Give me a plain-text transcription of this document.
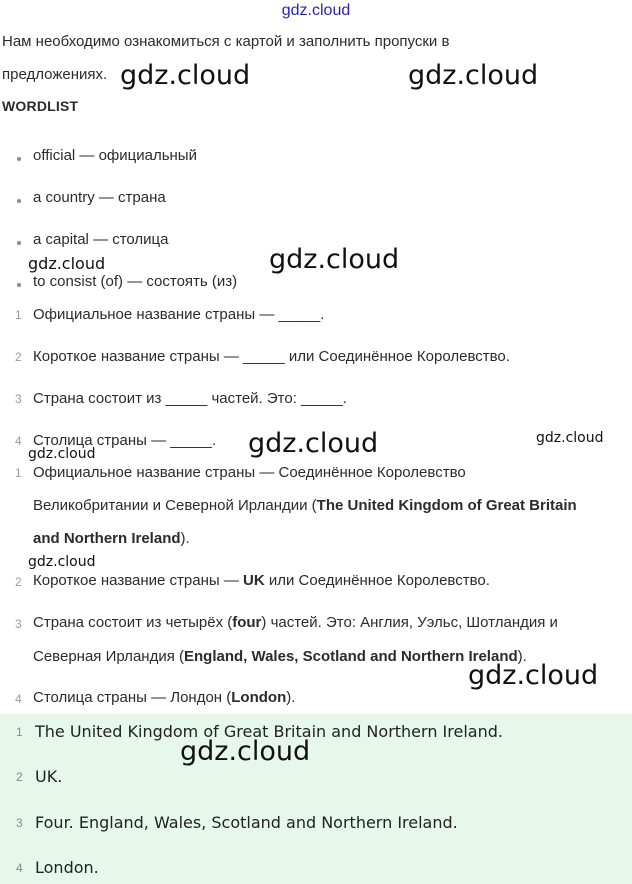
gdz.cloud
Нам необходимо ознакомиться с картой и заполнить пропуски в
предложениях.
WORDLIST
official — официальный
a country — страна
a capital — столица
to consist (of) — состоять (из)
1 Официальное название страны — _____.
2 Короткое название страны — _____ или Соединённое Королевство.
3 Страна состоит из _____ частей. Это: _____.
4 Столица страны — _____.
1 Официальное название страны — Соединённое Королевство
Великобритании и Северной Ирландии (The United Kingdom of Great Britain
and Northern Ireland).
2 Короткое название страны — UK или Соединённое Королевство.
3 Страна состоит из четырёх (four) частей. Это: Англия, Уэльс, Шотландия и
Северная Ирландия (England, Wales, Scotland and Northern Ireland).
4 Столица страны — Лондон (London).
1 The United Kingdom of Great Britain and Northern Ireland.
2 UK.
3 Four. England, Wales, Scotland and Northern Ireland.
4 London.
gdz.cloud	gdz.cloud
gdz.cloud	gdz.cloud
gdz.cloud	gdz.cloud
gdz.cloud
gdz.cloud
gdz.cloud
gdz.cloud
